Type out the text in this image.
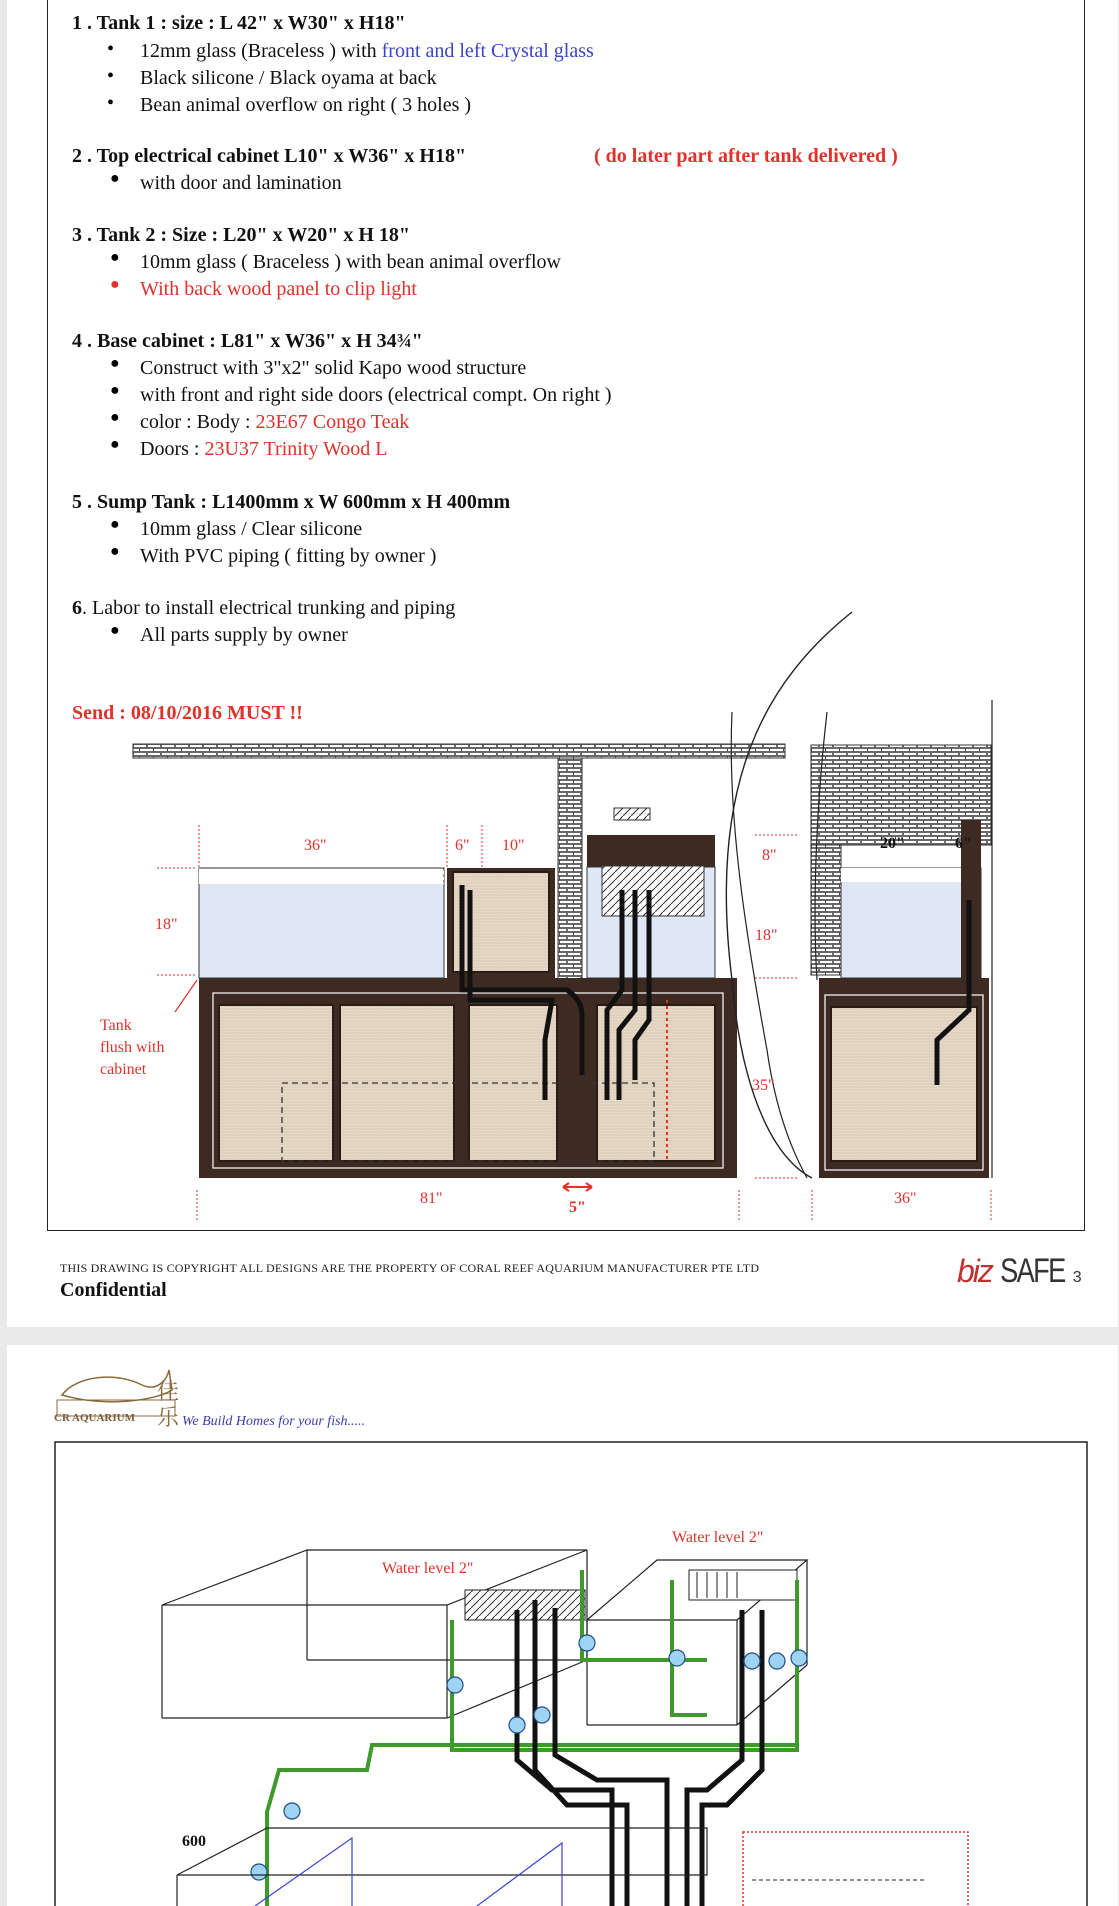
1 . Tank 1 : size : L 42" x W30" x H18"
• 12mm glass (Braceless ) with front and left Crystal glass
• Black silicone / Black oyama at back
• Bean animal overflow on right ( 3 holes )
2 . Top electrical cabinet L10" x W36" x H18"	( do later part after tank delivered )
● with door and lamination
3 . Tank 2 : Size : L20" x W20" x H 18"
● 10mm glass ( Braceless ) with bean animal overflow
● With back wood panel to clip light
4 . Base cabinet : L81" x W36" x H 34¾"
● Construct with 3"x2" solid Kapo wood structure
● with front and right side doors (electrical compt. On right )
● color : Body : 23E67 Congo Teak
● Doors : 23U37 Trinity Wood L
5 . Sump Tank : L1400mm x W 600mm x H 400mm
● 10mm glass / Clear silicone
● With PVC piping ( fitting by owner )
6. Labor to install electrical trunking and piping
● All parts supply by owner
Send : 08/10/2016 MUST !!
36"	6" 10"
18"
8"
18"
35"
81"
5"
36"
Tank
flush with
cabinet
20"	6"
THIS DRAWING IS COPYRIGHT ALL DESIGNS ARE THE PROPERTY OF CORAL REEF AQUARIUM MANUFACTURER PTE LTD
Confidential
biz SAFE 3
Water level 2"
Water level 2"
600
CR AQUARIUM
佳
乐 We Build Homes for your fish.....
